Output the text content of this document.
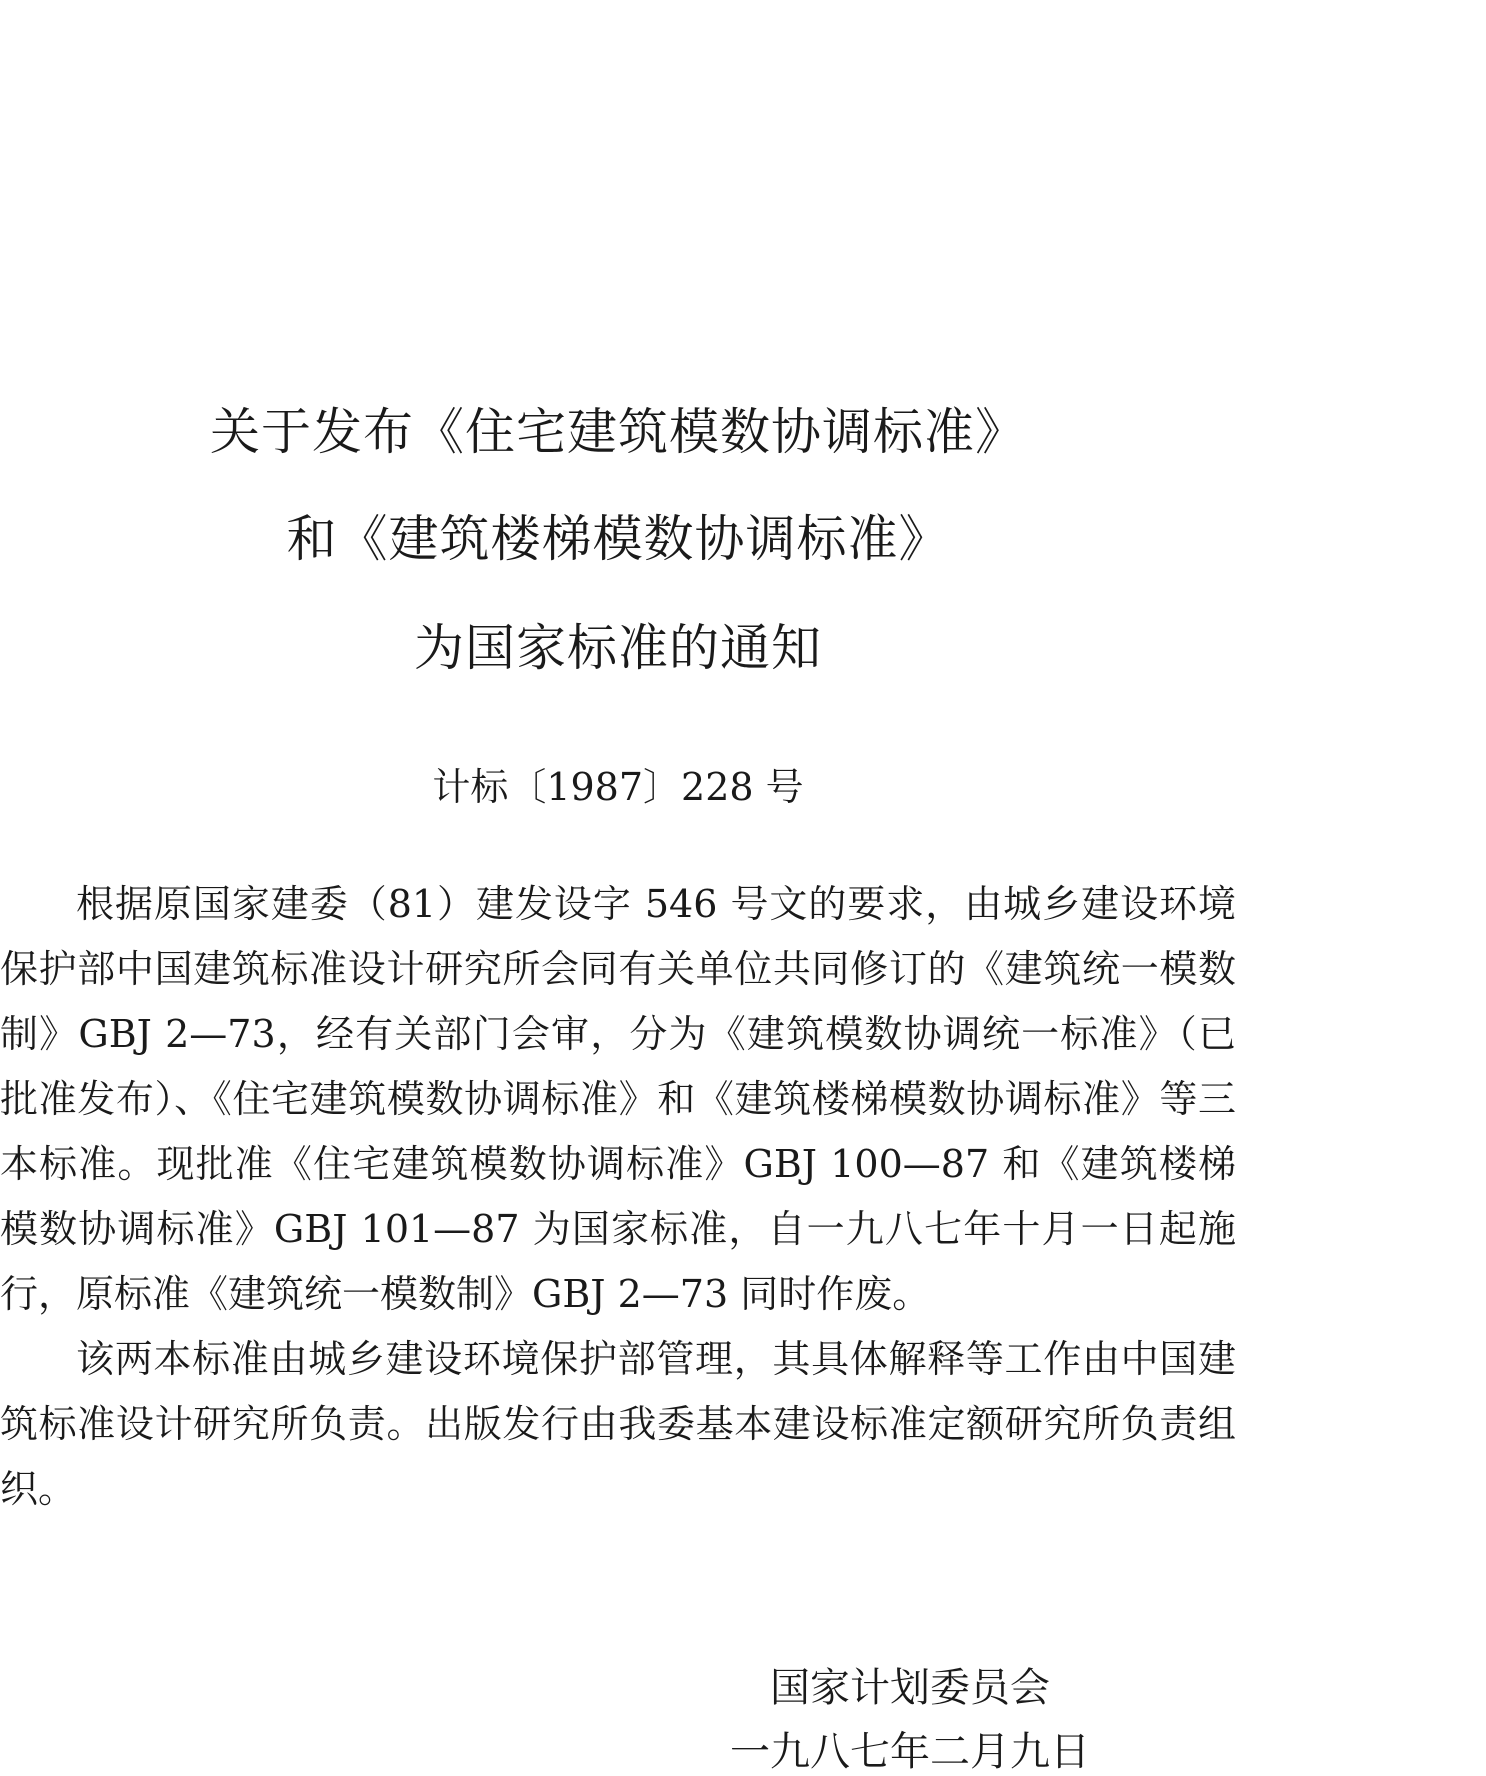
关于发布《住宅建筑模数协调标准》
和《建筑楼梯模数协调标准》
为国家标准的通知
计标〔1987〕228 号

根据原国家建委（81）建发设字 546 号文的要求，由城乡建设环境保护部中国建筑标准设计研究所会同有关单位共同修订的《建筑统一模数制》GBJ 2—73，经有关部门会审，分为《建筑模数协调统一标准》（已批准发布）、《住宅建筑模数协调标准》和《建筑楼梯模数协调标准》等三本标准。现批准《住宅建筑模数协调标准》GBJ 100—87 和《建筑楼梯模数协调标准》GBJ 101—87 为国家标准，自一九八七年十月一日起施行，原标准《建筑统一模数制》GBJ 2—73 同时作废。

该两本标准由城乡建设环境保护部管理，其具体解释等工作由中国建筑标准设计研究所负责。出版发行由我委基本建设标准定额研究所负责组织。

国家计划委员会
一九八七年二月九日
